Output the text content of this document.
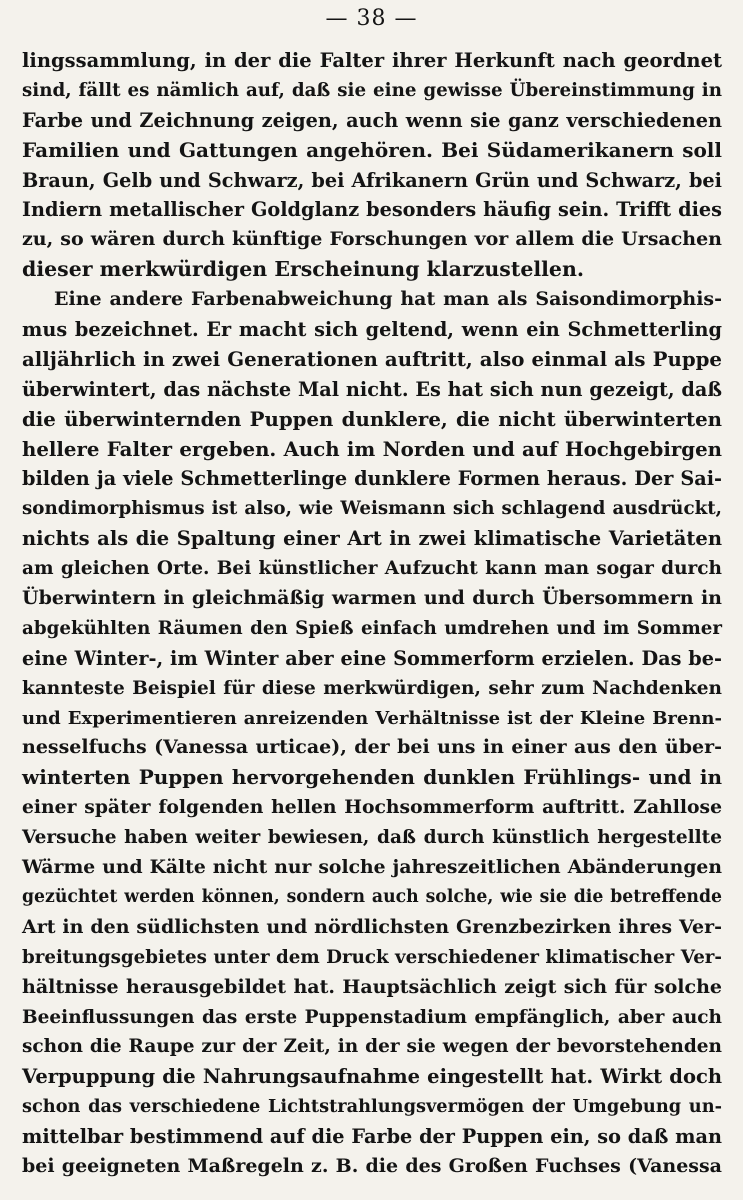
— 38 —
lingssammlung, in der die Falter ihrer Herkunft nach geordnet
sind, fällt es nämlich auf, daß sie eine gewisse Übereinstimmung in
Farbe und Zeichnung zeigen, auch wenn sie ganz verschiedenen
Familien und Gattungen angehören. Bei Südamerikanern soll
Braun, Gelb und Schwarz, bei Afrikanern Grün und Schwarz, bei
Indiern metallischer Goldglanz besonders häufig sein. Trifft dies
zu, so wären durch künftige Forschungen vor allem die Ursachen
dieser merkwürdigen Erscheinung klarzustellen.
Eine andere Farbenabweichung hat man als Saisondimorphis-
mus bezeichnet. Er macht sich geltend, wenn ein Schmetterling
alljährlich in zwei Generationen auftritt, also einmal als Puppe
überwintert, das nächste Mal nicht. Es hat sich nun gezeigt, daß
die überwinternden Puppen dunklere, die nicht überwinterten
hellere Falter ergeben. Auch im Norden und auf Hochgebirgen
bilden ja viele Schmetterlinge dunklere Formen heraus. Der Sai-
sondimorphismus ist also, wie Weismann sich schlagend ausdrückt,
nichts als die Spaltung einer Art in zwei klimatische Varietäten
am gleichen Orte. Bei künstlicher Aufzucht kann man sogar durch
Überwintern in gleichmäßig warmen und durch Übersommern in
abgekühlten Räumen den Spieß einfach umdrehen und im Sommer
eine Winter-, im Winter aber eine Sommerform erzielen. Das be-
kannteste Beispiel für diese merkwürdigen, sehr zum Nachdenken
und Experimentieren anreizenden Verhältnisse ist der Kleine Brenn-
nesselfuchs (Vanessa urticae), der bei uns in einer aus den über-
winterten Puppen hervorgehenden dunklen Frühlings- und in
einer später folgenden hellen Hochsommerform auftritt. Zahllose
Versuche haben weiter bewiesen, daß durch künstlich hergestellte
Wärme und Kälte nicht nur solche jahreszeitlichen Abänderungen
gezüchtet werden können, sondern auch solche, wie sie die betreffende
Art in den südlichsten und nördlichsten Grenzbezirken ihres Ver-
breitungsgebietes unter dem Druck verschiedener klimatischer Ver-
hältnisse herausgebildet hat. Hauptsächlich zeigt sich für solche
Beeinflussungen das erste Puppenstadium empfänglich, aber auch
schon die Raupe zur der Zeit, in der sie wegen der bevorstehenden
Verpuppung die Nahrungsaufnahme eingestellt hat. Wirkt doch
schon das verschiedene Lichtstrahlungsvermögen der Umgebung un-
mittelbar bestimmend auf die Farbe der Puppen ein, so daß man
bei geeigneten Maßregeln z. B. die des Großen Fuchses (Vanessa
